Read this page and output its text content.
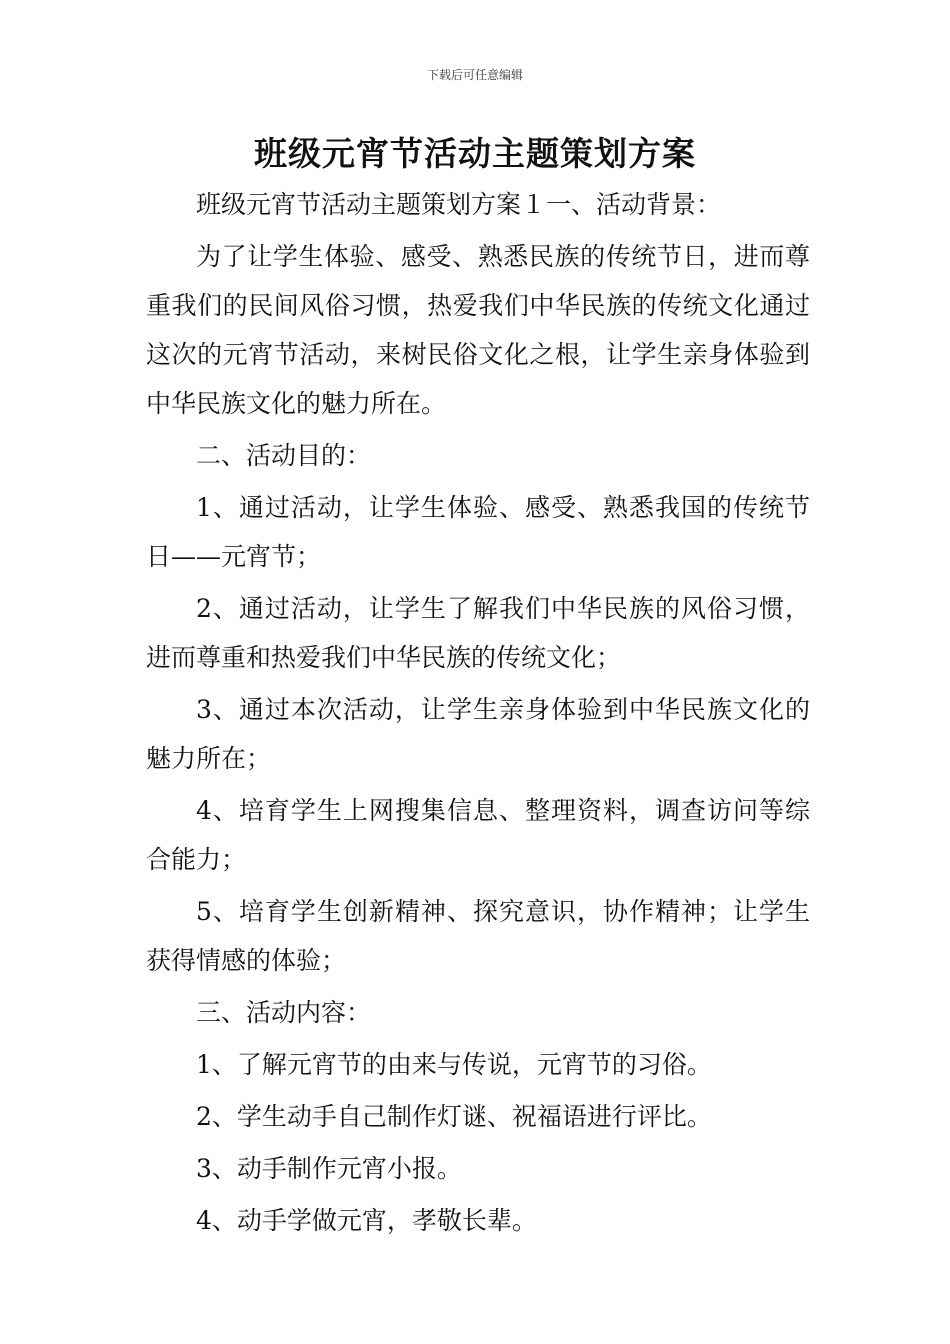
下载后可任意编辑
班级元宵节活动主题策划方案

班级元宵节活动主题策划方案１一、活动背景：

为了让学生体验、感受、熟悉民族的传统节日，进而尊重我们的民间风俗习惯，热爱我们中华民族的传统文化通过这次的元宵节活动，来树民俗文化之根，让学生亲身体验到中华民族文化的魅力所在。

二、活动目的：

1、通过活动，让学生体验、感受、熟悉我国的传统节日——元宵节；

2、通过活动，让学生了解我们中华民族的风俗习惯，进而尊重和热爱我们中华民族的传统文化；

3、通过本次活动，让学生亲身体验到中华民族文化的魅力所在；

4、培育学生上网搜集信息、整理资料，调查访问等综合能力；

5、培育学生创新精神、探究意识，协作精神；让学生获得情感的体验；

三、活动内容：

1、了解元宵节的由来与传说，元宵节的习俗。

2、学生动手自己制作灯谜、祝福语进行评比。

3、动手制作元宵小报。

4、动手学做元宵，孝敬长辈。
